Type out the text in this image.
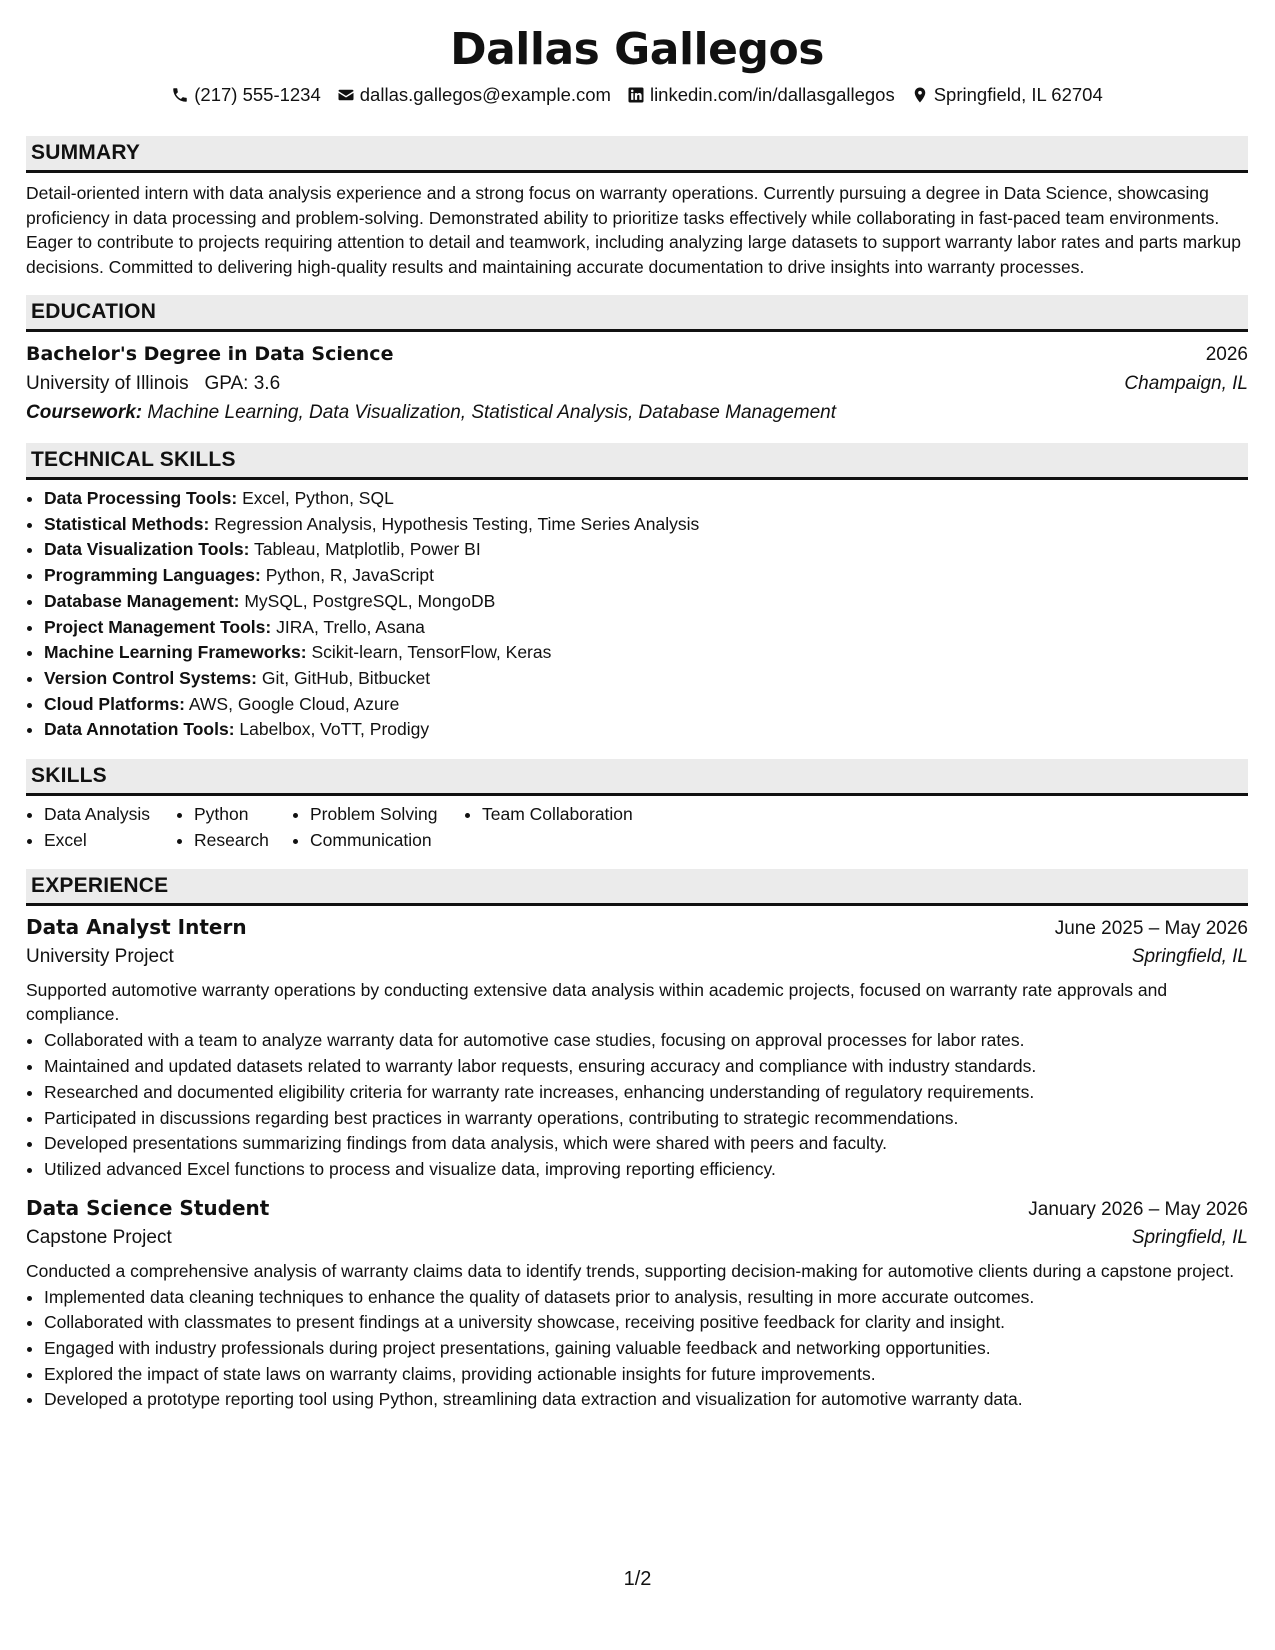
Dallas Gallegos
(217) 555-1234 dallas.gallegos@example.com linkedin.com/in/dallasgallegos Springfield, IL 62704
SUMMARY

Detail-oriented intern with data analysis experience and a strong focus on warranty operations. Currently pursuing a degree in Data Science, showcasing proficiency in data processing and problem-solving. Demonstrated ability to prioritize tasks effectively while collaborating in fast-paced team environments. Eager to contribute to projects requiring attention to detail and teamwork, including analyzing large datasets to support warranty labor rates and parts markup decisions. Committed to delivering high-quality results and maintaining accurate documentation to drive insights into warranty processes.

EDUCATION
Bachelor's Degree in Data Science	2026
University of Illinois GPA: 3.6	Champaign, IL
Coursework: Machine Learning, Data Visualization, Statistical Analysis, Database Management
TECHNICAL SKILLS
• Data Processing Tools: Excel, Python, SQL
• Statistical Methods: Regression Analysis, Hypothesis Testing, Time Series Analysis
• Data Visualization Tools: Tableau, Matplotlib, Power BI
• Programming Languages: Python, R, JavaScript
• Database Management: MySQL, PostgreSQL, MongoDB
• Project Management Tools: JIRA, Trello, Asana
• Machine Learning Frameworks: Scikit-learn, TensorFlow, Keras
• Version Control Systems: Git, GitHub, Bitbucket
• Cloud Platforms: AWS, Google Cloud, Azure
• Data Annotation Tools: Labelbox, VoTT, Prodigy
SKILLS
• Data Analysis
• Excel
• Python
• Research
• Problem Solving
• Communication
• Team Collaboration
EXPERIENCE
Data Analyst Intern	June 2025 – May 2026
University Project	Springfield, IL

Supported automotive warranty operations by conducting extensive data analysis within academic projects, focused on warranty rate approvals and compliance.

• Collaborated with a team to analyze warranty data for automotive case studies, focusing on approval processes for labor rates.
• Maintained and updated datasets related to warranty labor requests, ensuring accuracy and compliance with industry standards.
• Researched and documented eligibility criteria for warranty rate increases, enhancing understanding of regulatory requirements.
• Participated in discussions regarding best practices in warranty operations, contributing to strategic recommendations.
• Developed presentations summarizing findings from data analysis, which were shared with peers and faculty.
• Utilized advanced Excel functions to process and visualize data, improving reporting efficiency.
Data Science Student	January 2026 – May 2026
Capstone Project	Springfield, IL

Conducted a comprehensive analysis of warranty claims data to identify trends, supporting decision-making for automotive clients during a capstone project.

• Implemented data cleaning techniques to enhance the quality of datasets prior to analysis, resulting in more accurate outcomes.
• Collaborated with classmates to present findings at a university showcase, receiving positive feedback for clarity and insight.
• Engaged with industry professionals during project presentations, gaining valuable feedback and networking opportunities.
• Explored the impact of state laws on warranty claims, providing actionable insights for future improvements.
• Developed a prototype reporting tool using Python, streamlining data extraction and visualization for automotive warranty data.
1/2
